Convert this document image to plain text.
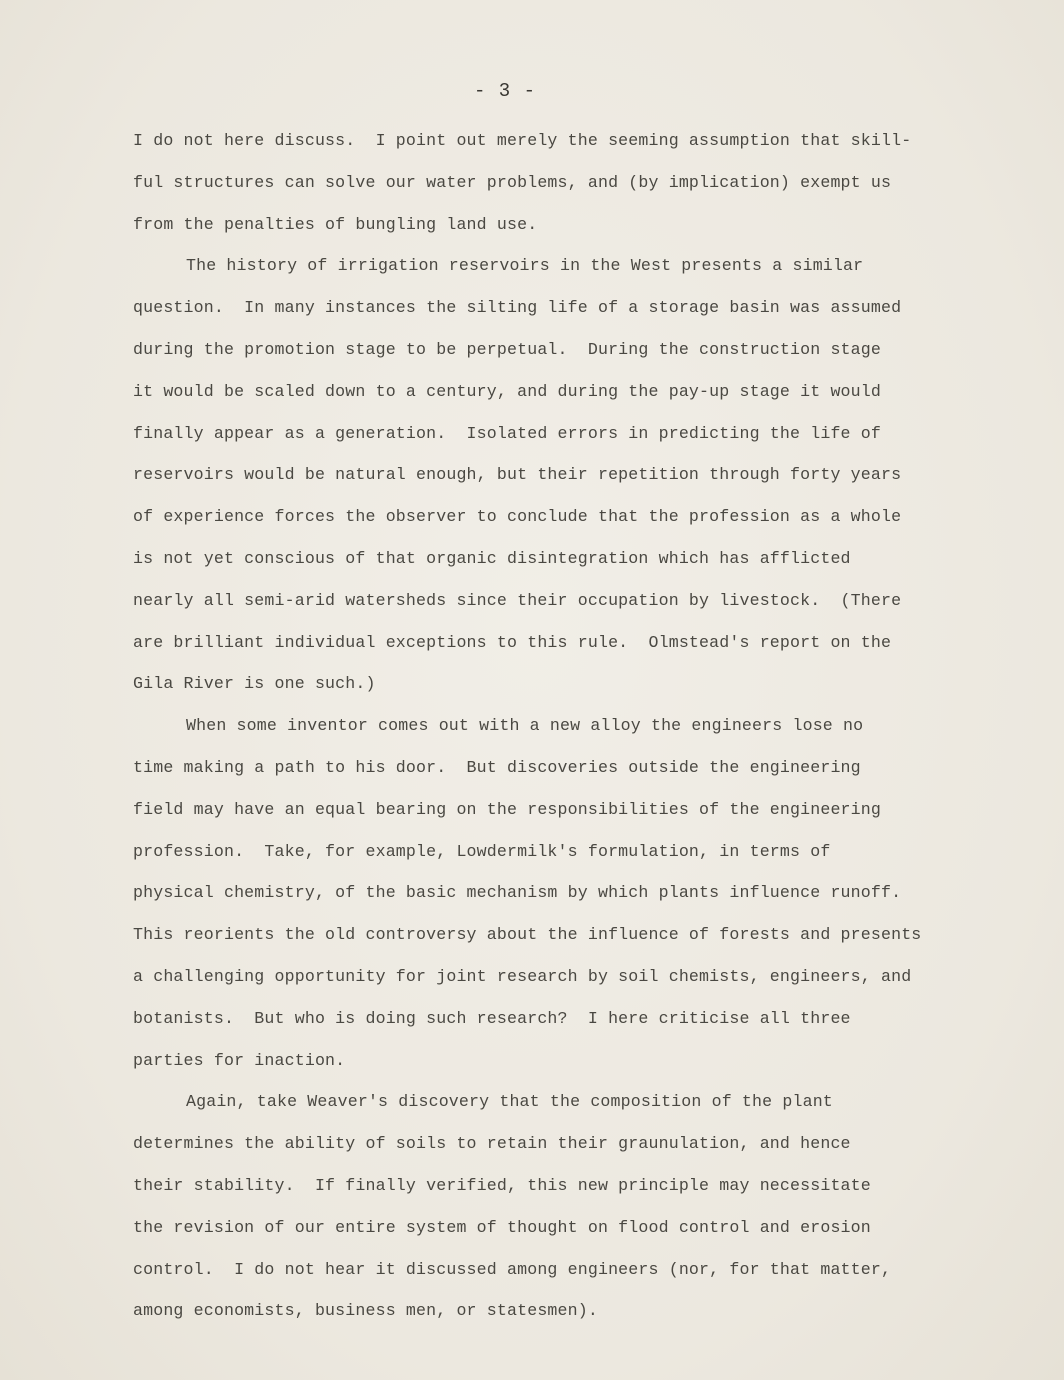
- 3 -
I do not here discuss.  I point out merely the seeming assumption that skill-
ful structures can solve our water problems, and (by implication) exempt us
from the penalties of bungling land use.
The history of irrigation reservoirs in the West presents a similar
question.  In many instances the silting life of a storage basin was assumed
during the promotion stage to be perpetual.  During the construction stage
it would be scaled down to a century, and during the pay-up stage it would
finally appear as a generation.  Isolated errors in predicting the life of
reservoirs would be natural enough, but their repetition through forty years
of experience forces the observer to conclude that the profession as a whole
is not yet conscious of that organic disintegration which has afflicted
nearly all semi-arid watersheds since their occupation by livestock.  (There
are brilliant individual exceptions to this rule.  Olmstead's report on the
Gila River is one such.)
When some inventor comes out with a new alloy the engineers lose no
time making a path to his door.  But discoveries outside the engineering
field may have an equal bearing on the responsibilities of the engineering
profession.  Take, for example, Lowdermilk's formulation, in terms of
physical chemistry, of the basic mechanism by which plants influence runoff.
This reorients the old controversy about the influence of forests and presents
a challenging opportunity for joint research by soil chemists, engineers, and
botanists.  But who is doing such research?  I here criticise all three
parties for inaction.
Again, take Weaver's discovery that the composition of the plant
determines the ability of soils to retain their graunulation, and hence
their stability.  If finally verified, this new principle may necessitate
the revision of our entire system of thought on flood control and erosion
control.  I do not hear it discussed among engineers (nor, for that matter,
among economists, business men, or statesmen).
